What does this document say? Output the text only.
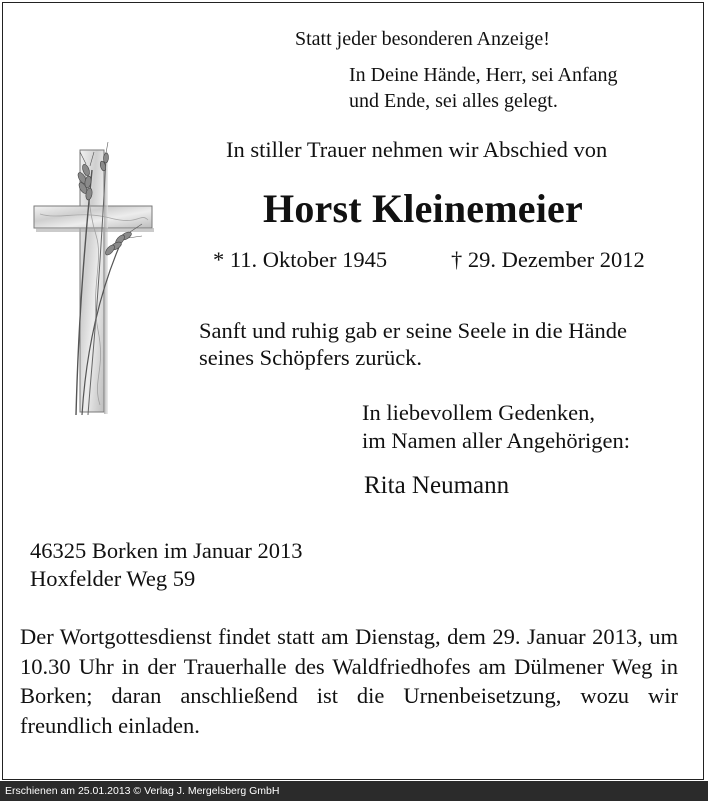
Statt jeder besonderen Anzeige!
In Deine Hände, Herr, sei Anfang
und Ende, sei alles gelegt.
In stiller Trauer nehmen wir Abschied von
Horst Kleinemeier
* 11. Oktober 1945	† 29. Dezember 2012
Sanft und ruhig gab er seine Seele in die Hände
seines Schöpfers zurück.
In liebevollem Gedenken,
im Namen aller Angehörigen:
Rita Neumann
46325 Borken im Januar 2013
Hoxfelder Weg 59
Der Wortgottesdienst findet statt am Dienstag, dem 29. Januar 2013, um 10.30 Uhr in der Trauerhalle des Waldfriedhofes am Dülmener Weg in Borken; daran anschließend ist die Urnenbeisetzung, wozu wir freundlich einladen.
Erschienen am 25.01.2013 © Verlag J. Mergelsberg GmbH
